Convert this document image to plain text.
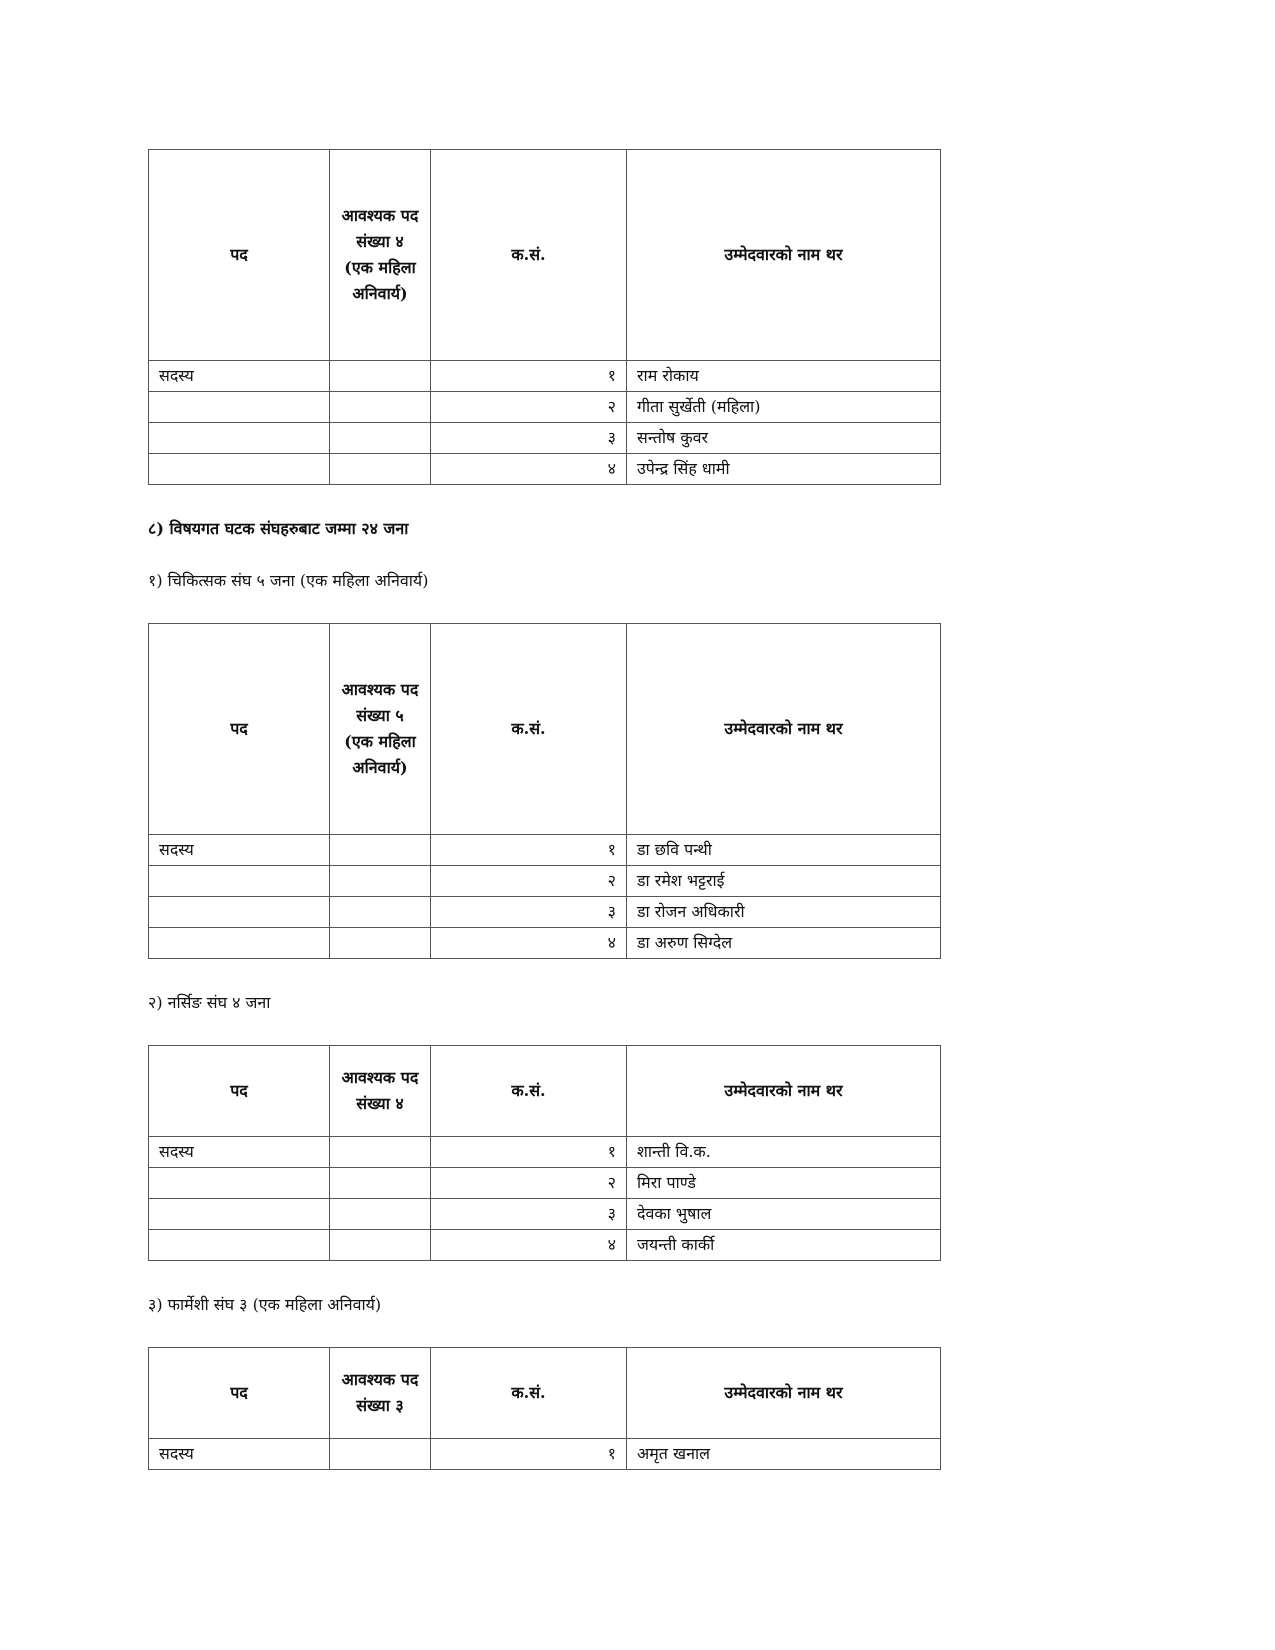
पद	आवश्यक पद संख्या ४ (एक महिला अनिवार्य)	क.सं.	उम्मेदवारको नाम थर
सदस्य		१	राम रोकाय
		२	गीता सुर्खेती (महिला)
		३	सन्तोष कुवर
		४	उपेन्द्र सिंह धामी

८) विषयगत घटक संघहरुबाट जम्मा २४ जना

१) चिकित्सक संघ ५ जना (एक महिला अनिवार्य)

पद	आवश्यक पद संख्या ५ (एक महिला अनिवार्य)	क.सं.	उम्मेदवारको नाम थर
सदस्य		१	डा छवि पन्थी
		२	डा रमेश भट्टराई
		३	डा रोजन अधिकारी
		४	डा अरुण सिग्देल

२) नर्सिङ संघ ४ जना

पद	आवश्यक पद संख्या ४	क.सं.	उम्मेदवारको नाम थर
सदस्य		१	शान्ती वि.क.
		२	मिरा पाण्डे
		३	देवका भुषाल
		४	जयन्ती कार्की

३) फार्मेशी संघ ३ (एक महिला अनिवार्य)

पद	आवश्यक पद संख्या ३	क.सं.	उम्मेदवारको नाम थर
सदस्य		१	अमृत खनाल
